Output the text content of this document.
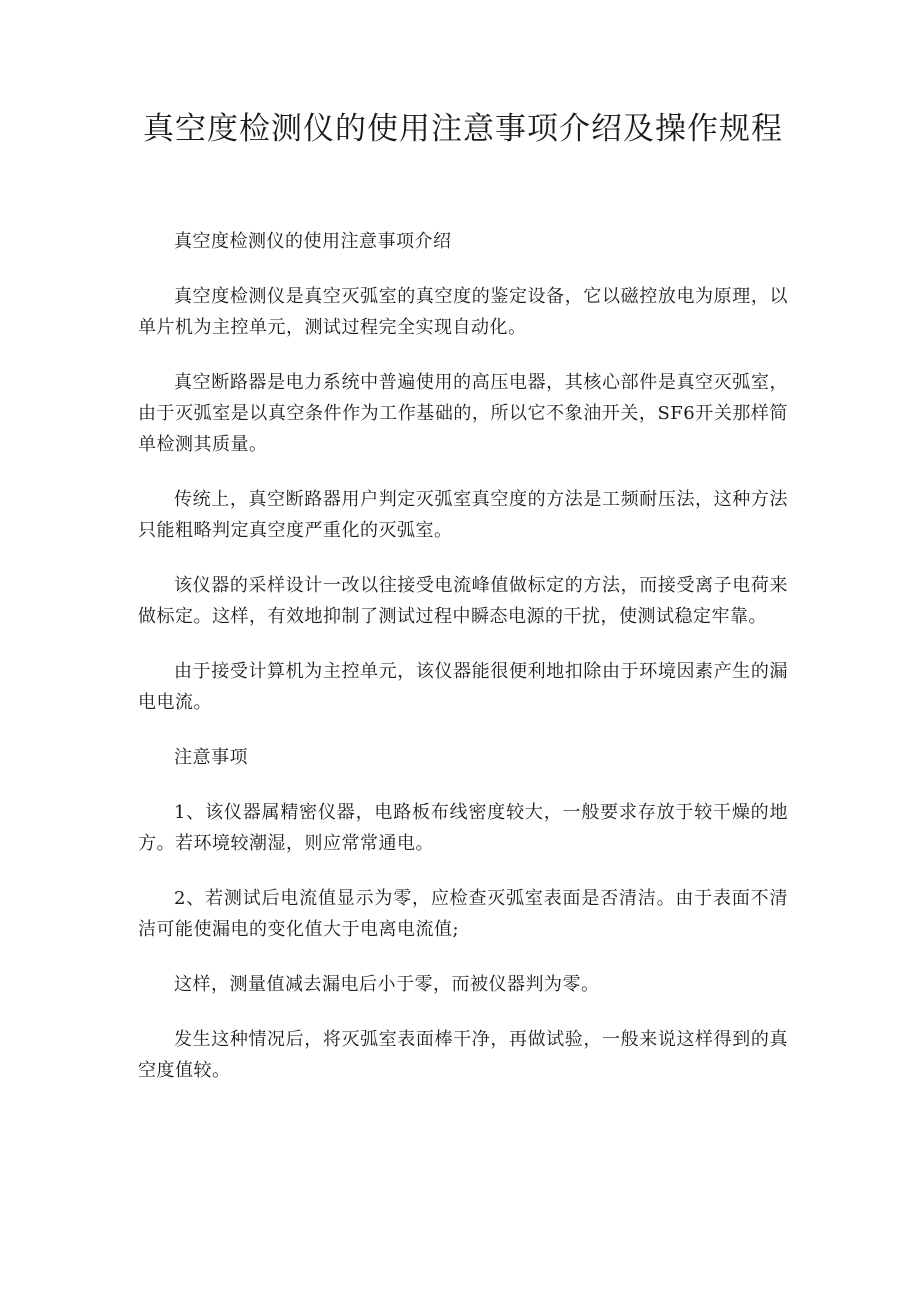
真空度检测仪的使用注意事项介绍及操作规程

真空度检测仪的使用注意事项介绍

真空度检测仪是真空灭弧室的真空度的鉴定设备，它以磁控放电为原理，以单片机为主控单元，测试过程完全实现自动化。

真空断路器是电力系统中普遍使用的高压电器，其核心部件是真空灭弧室，由于灭弧室是以真空条件作为工作基础的，所以它不象油开关，SF6开关那样简单检测其质量。

传统上，真空断路器用户判定灭弧室真空度的方法是工频耐压法，这种方法只能粗略判定真空度严重化的灭弧室。

该仪器的采样设计一改以往接受电流峰值做标定的方法，而接受离子电荷来做标定。这样，有效地抑制了测试过程中瞬态电源的干扰，使测试稳定牢靠。

由于接受计算机为主控单元，该仪器能很便利地扣除由于环境因素产生的漏电电流。

注意事项

1、该仪器属精密仪器，电路板布线密度较大，一般要求存放于较干燥的地方。若环境较潮湿，则应常常通电。

2、若测试后电流值显示为零，应检查灭弧室表面是否清洁。由于表面不清洁可能使漏电的变化值大于电离电流值;

这样，测量值减去漏电后小于零，而被仪器判为零。

发生这种情况后，将灭弧室表面棒干净，再做试验，一般来说这样得到的真空度值较。
